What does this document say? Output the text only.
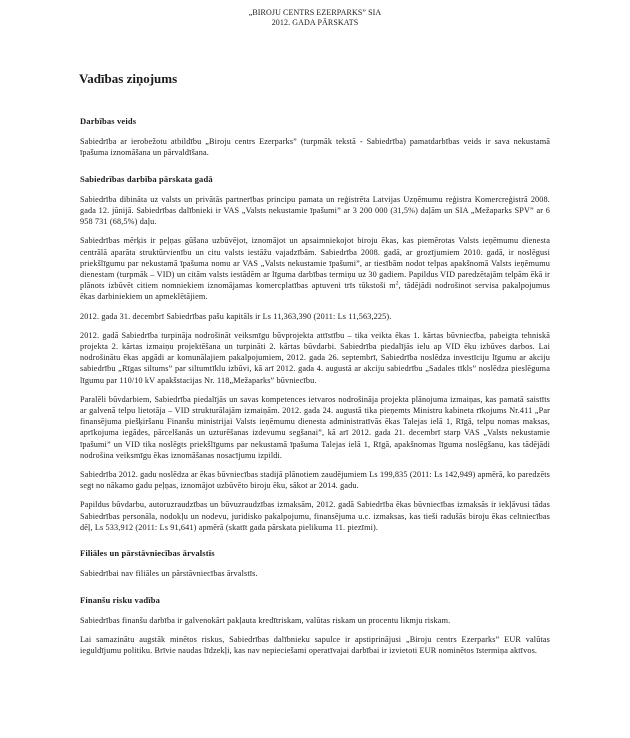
„BIROJU CENTRS EZERPARKS” SIA
2012. GADA PĀRSKATS
Vadības ziņojums
Darbības veids

Sabiedrība ar ierobežotu atbildību „Biroju centrs Ezerparks” (turpmāk tekstā - Sabiedrība) pamatdarbības veids ir sava nekustamā īpašuma iznomāšana un pārvaldīšana.

Sabiedrības darbība pārskata gadā

Sabiedrība dibināta uz valsts un privātās partnerības principu pamata un reģistrēta Latvijas Uzņēmumu reģistra Komercreģistrā 2008. gada 12. jūnijā. Sabiedrības dalībnieki ir VAS „Valsts nekustamie īpašumi” ar 3 200 000 (31,5%) daļām un SIA „Mežaparks SPV” ar 6 958 731 (68,5%) daļu.

Sabiedrības mērķis ir peļņas gūšana uzbūvējot, iznomājot un apsaimniekojot biroju ēkas, kas piemērotas Valsts ieņēmumu dienesta centrālā aparāta struktūrvienību un citu valsts iestāžu vajadzībām. Sabiedrība 2008. gadā, ar grozījumiem 2010. gadā, ir noslēgusi priekšlīgumu par nekustamā īpašuma nomu ar VAS „Valsts nekustamie īpašumi”, ar tiesībām nodot telpas apakšnomā Valsts ieņēmumu dienestam (turpmāk – VID) un citām valsts iestādēm ar līguma darbības termiņu uz 30 gadiem. Papildus VID paredzētajām telpām ēkā ir plānots izbūvēt citiem nomniekiem iznomājamas komercplatības aptuveni trīs tūkstoši $m^2$, tādējādi nodrošinot servisa pakalpojumus ēkas darbiniekiem un apmeklētājiem.

2012. gada 31. decembrī Sabiedrības pašu kapitāls ir Ls 11,363,390 (2011: Ls 11,563,225).

2012. gadā Sabiedrība turpināja nodrošināt veiksmīgu būvprojekta attīstību – tika veikta ēkas 1. kārtas būvniecība, pabeigta tehniskā projekta 2. kārtas izmaiņu projektēšana un turpināti 2. kārtas būvdarbi. Sabiedrība piedalījās ielu ap VID ēku izbūves darbos. Lai nodrošinātu ēkas apgādi ar komunālajiem pakalpojumiem, 2012. gada 26. septembrī, Sabiedrība noslēdza investīciju līgumu ar akciju sabiedrību „Rīgas siltums” par siltumtīklu izbūvi, kā arī 2012. gada 4. augustā ar akciju sabiedrību „Sadales tīkls” noslēdza pieslēguma līgumu par 110/10 kV apakšstacijas Nr. 118„Mežaparks” būvniecību.

Paralēli būvdarbiem, Sabiedrība piedalījās un savas kompetences ietvaros nodrošināja projekta plānojuma izmaiņas, kas pamatā saistīts ar galvenā telpu lietotāja – VID strukturālajām izmaiņām. 2012. gada 24. augustā tika pieņemts Ministru kabineta rīkojums Nr.411 „Par finansējuma piešķiršanu Finanšu ministrijai Valsts ieņēmumu dienesta administratīvās ēkas Talejas ielā 1, Rīgā, telpu nomas maksas, aprīkojuma iegādes, pārcelšanās un uzturēšanas izdevumu segšanai”, kā arī 2012. gada 21. decembrī starp VAS „Valsts nekustamie īpašumi” un VID tika noslēgts priekšlīgums par nekustamā īpašuma Talejas ielā 1, Rīgā, apakšnomas līguma noslēgšanu, kas tādējādi nodrošina veiksmīgu ēkas iznomāšanas nosacījumu izpildi.

Sabiedrība 2012. gadu noslēdza ar ēkas būvniecības stadijā plānotiem zaudējumiem Ls 199,835 (2011: Ls 142,949) apmērā, ko paredzēts segt no nākamo gadu peļņas, iznomājot uzbūvēto biroju ēku, sākot ar 2014. gadu.

Papildus būvdarbu, autoruzraudzības un būvuzraudzības izmaksām, 2012. gadā Sabiedrība ēkas būvniecības izmaksās ir iekļāvusi tādas Sabiedrības personāla, nodokļu un nodevu, juridisko pakalpojumu, finansējuma u.c. izmaksas, kas tieši radušās biroju ēkas celtniecības dēļ, Ls 533,912 (2011: Ls 91,641) apmērā (skatīt gada pārskata pielikuma 11. piezīmi).

Filiāles un pārstāvniecības ārvalstīs

Sabiedrībai nav filiāles un pārstāvniecības ārvalstīs.

Finanšu risku vadība

Sabiedrības finanšu darbība ir galvenokārt pakļauta kredītriskam, valūtas riskam un procentu likmju riskam.

Lai samazinātu augstāk minētos riskus, Sabiedrības dalībnieku sapulce ir apstiprinājusi „Biroju centrs Ezerparks” EUR valūtas ieguldījumu politiku. Brīvie naudas līdzekļi, kas nav nepieciešami operatīvajai darbībai ir izvietoti EUR nominētos īstermiņa aktīvos.
